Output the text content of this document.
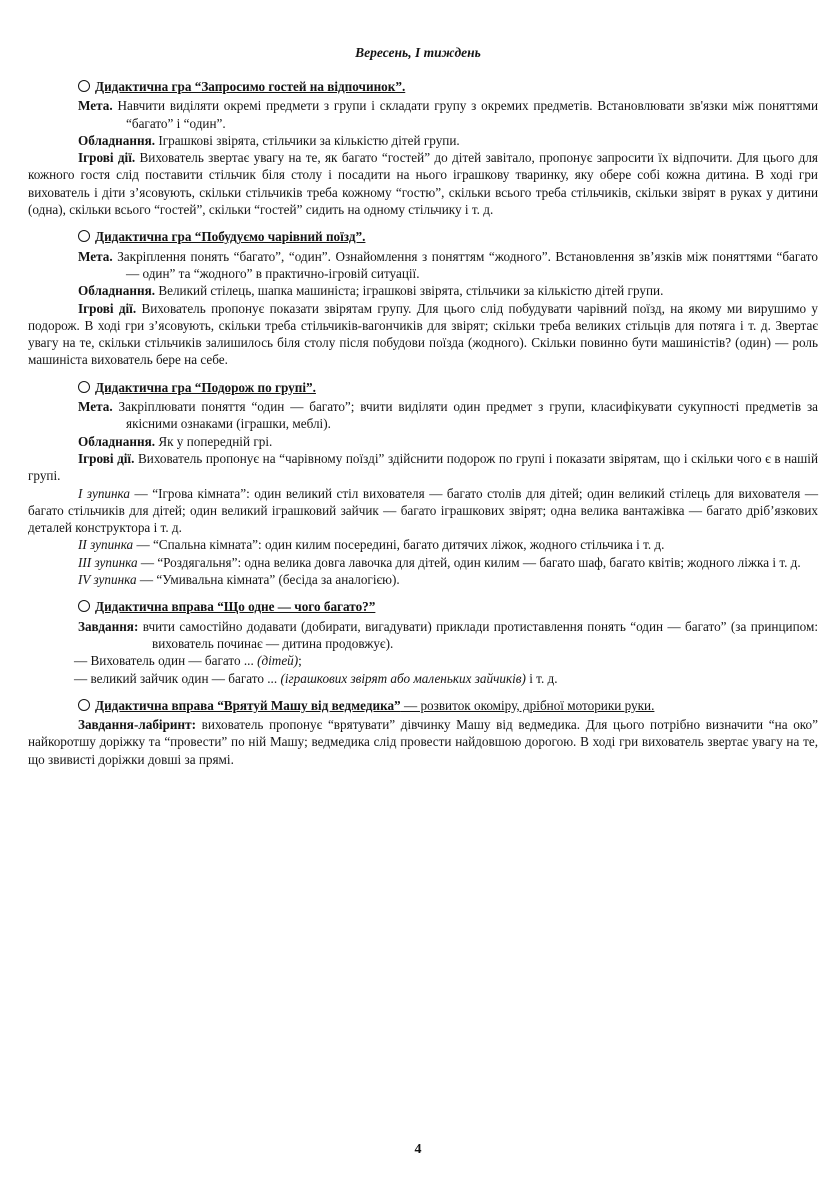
Вересень, І тиждень
Дидактична гра “Запросимо гостей на відпочинок”.

Мета. Навчити виділяти окремі предмети з групи і складати групу з окремих предметів. Встановлювати зв'язки між поняттями “багато” і “один”.

Обладнання. Іграшкові звірята, стільчики за кількістю дітей групи.

Ігрові дії. Вихователь звертає увагу на те, як багато “гостей” до дітей завітало, пропонує запросити їх відпочити. Для цього для кожного гостя слід поставити стільчик біля столу і посадити на нього іграшкову тваринку, яку обере собі кожна дитина. В ході гри вихователь і діти з’ясовують, скільки стільчиків треба кожному “гостю”, скільки всього треба стільчиків, скільки звірят в руках у дитини (одна), скільки всього “гостей”, скільки “гостей” сидить на одному стільчику і т. д.

Дидактична гра “Побудуємо чарівний поїзд”.

Мета. Закріплення понять “багато”, “один”. Ознайомлення з поняттям “жодного”. Встановлення зв’язків між поняттями “багато — один” та “жодного” в практично-ігровій ситуації.

Обладнання. Великий стілець, шапка машиніста; іграшкові звірята, стільчики за кількістю дітей групи.

Ігрові дії. Вихователь пропонує показати звірятам групу. Для цього слід побудувати чарівний поїзд, на якому ми вирушимо у подорож. В ході гри з’ясовують, скільки треба стільчиків-вагончиків для звірят; скільки треба великих стільців для потяга і т. д. Звертає увагу на те, скільки стільчиків залишилось біля столу після побудови поїзда (жодного). Скільки повинно бути машиністів? (один) — роль машиніста вихователь бере на себе.

Дидактична гра “Подорож по групі”.

Мета. Закріплювати поняття “один — багато”; вчити виділяти один предмет з групи, класифікувати сукупності предметів за якісними ознаками (іграшки, меблі).

Обладнання. Як у попередній грі.

Ігрові дії. Вихователь пропонує на “чарівному поїзді” здійснити подорож по групі і показати звірятам, що і скільки чого є в нашій групі.

І зупинка — “Ігрова кімната”: один великий стіл вихователя — багато столів для дітей; один великий стілець для вихователя — багато стільчиків для дітей; один великий іграшковий зайчик — багато іграшкових звірят; одна велика вантажівка — багато дріб’язкових деталей конструктора і т. д.

ІІ зупинка — “Спальна кімната”: один килим посередині, багато дитячих ліжок, жодного стільчика і т. д.

ІІІ зупинка — “Роздягальня”: одна велика довга лавочка для дітей, один килим — багато шаф, багато квітів; жодного ліжка і т. д.

IV зупинка — “Умивальна кімната” (бесіда за аналогією).

Дидактична вправа “Що одне — чого багато?”

Завдання: вчити самостійно додавати (добирати, вигадувати) приклади протиставлення понять “один — багато” (за принципом: вихователь починає — дитина продовжує).

— Вихователь один — багато ... (дітей);

— великий зайчик один — багато ... (іграшкових звірят або маленьких зайчиків) і т. д.

Дидактична вправа “Врятуй Машу від ведмедика” — розвиток окоміру, дрібної моторики руки.

Завдання-лабіринт: вихователь пропонує “врятувати” дівчинку Машу від ведмедика. Для цього потрібно визначити “на око” найкоротшу доріжку та “провести” по ній Машу; ведмедика слід провести найдовшою дорогою. В ході гри вихователь звертає увагу на те, що звивисті доріжки довші за прямі.

4
